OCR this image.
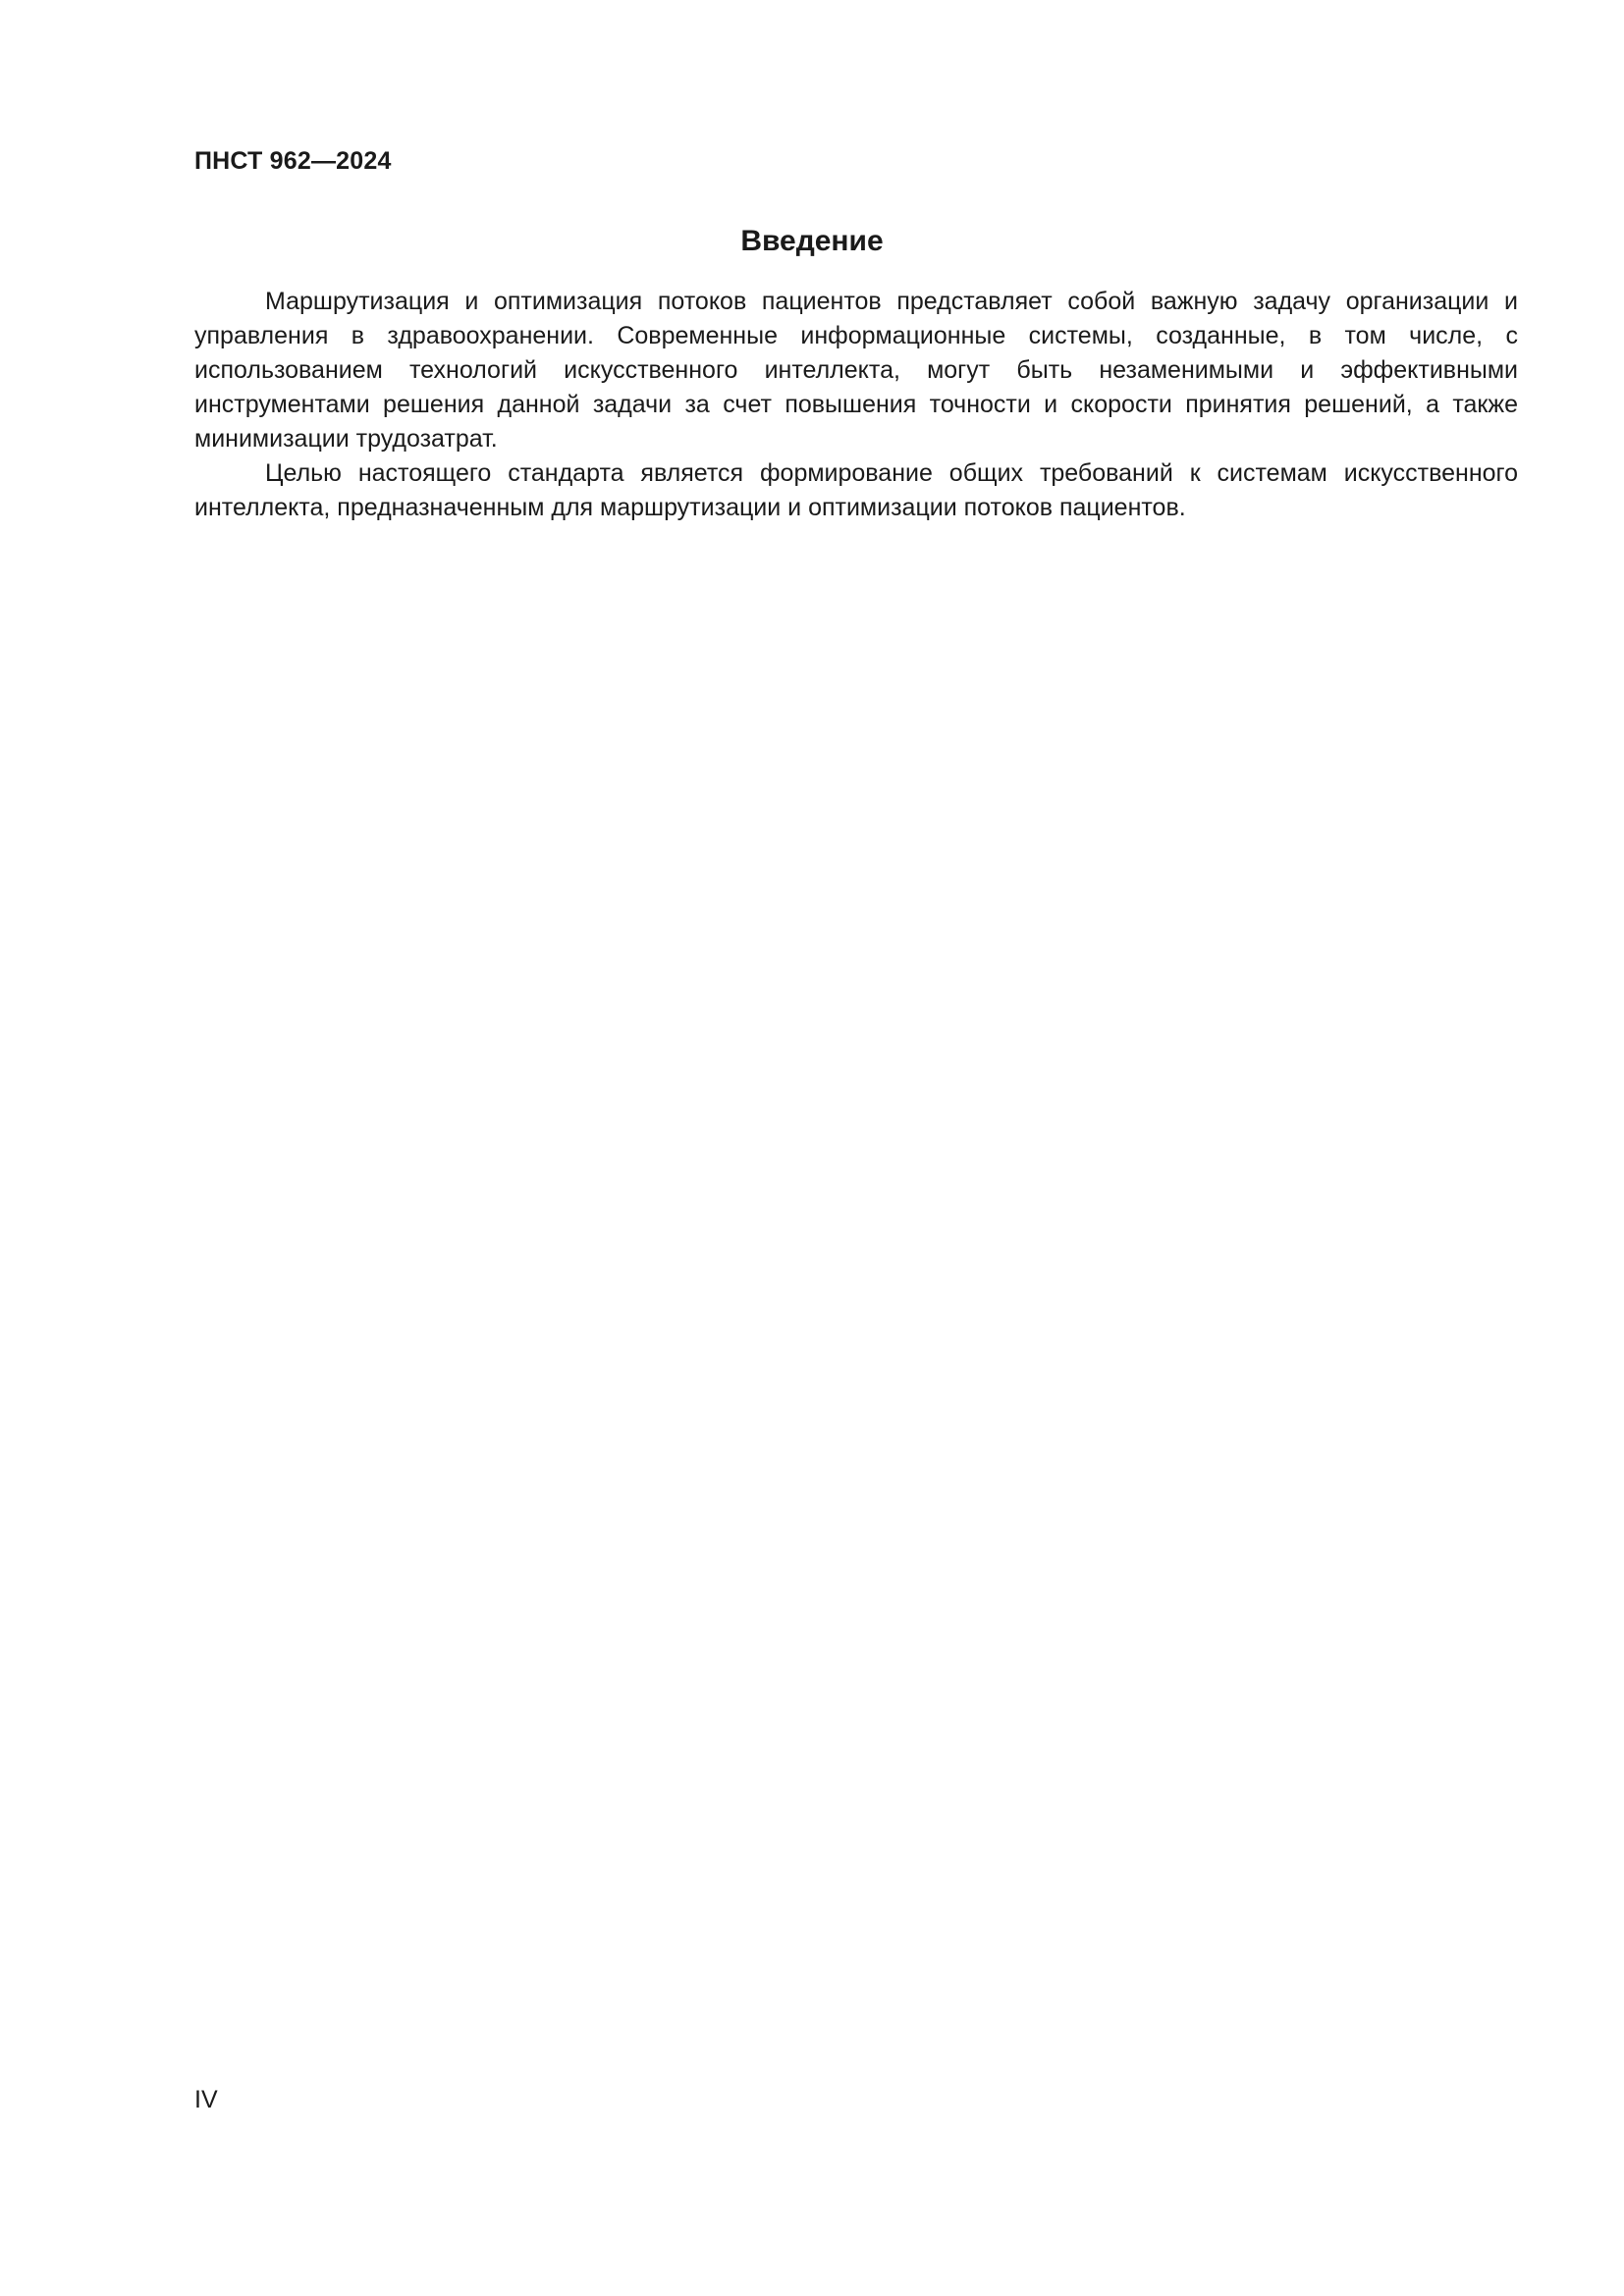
ПНСТ 962—2024
Введение

Маршрутизация и оптимизация потоков пациентов представляет собой важную задачу организации и управления в здравоохранении. Современные информационные системы, созданные, в том числе, с использованием технологий искусственного интеллекта, могут быть незаменимыми и эффективными инструментами решения данной задачи за счет повышения точности и скорости принятия решений, а также минимизации трудозатрат.

Целью настоящего стандарта является формирование общих требований к системам искусственного интеллекта, предназначенным для маршрутизации и оптимизации потоков пациентов.

IV
